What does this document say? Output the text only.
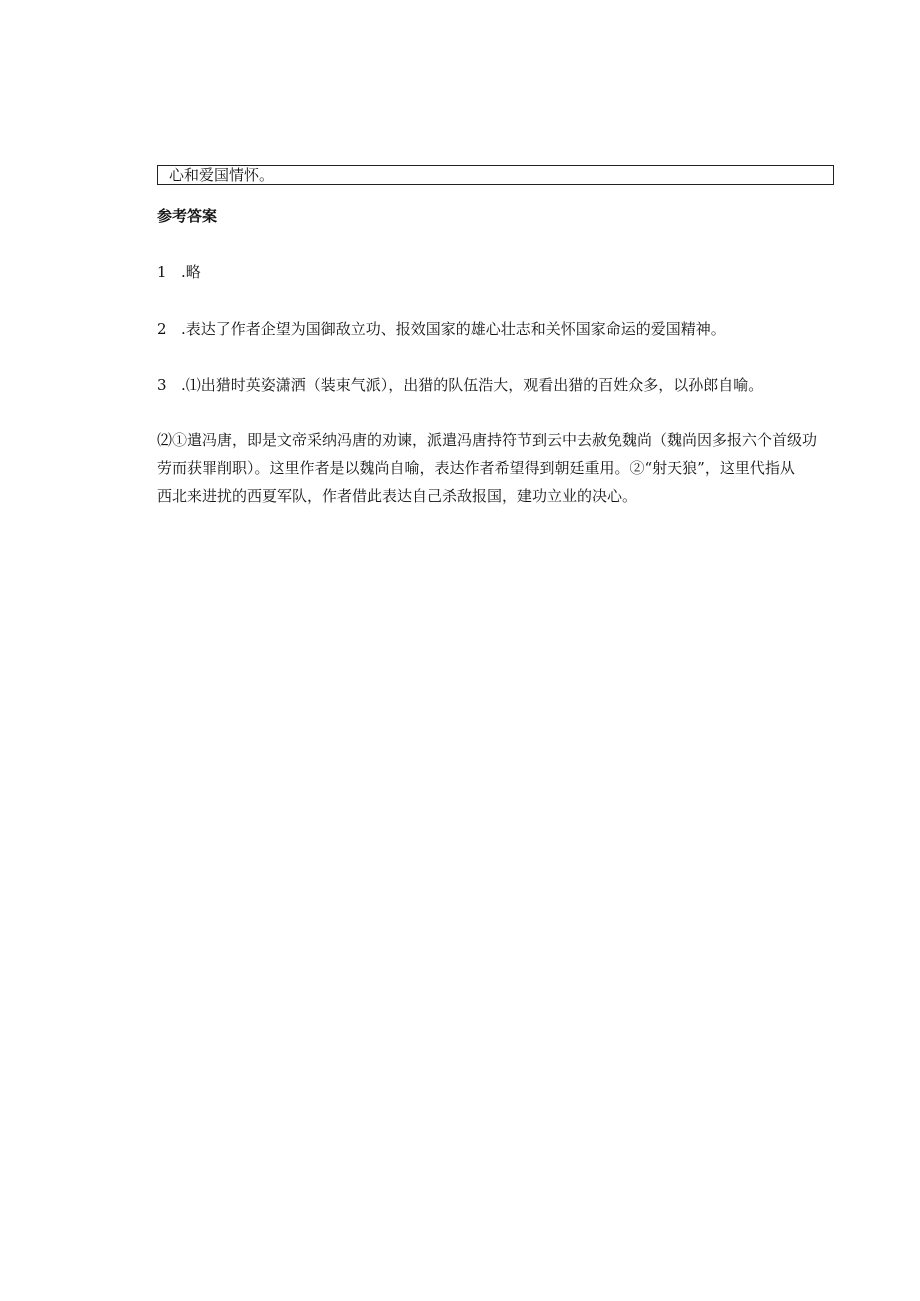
心和爱国情怀。
参考答案
1 .略
2 .表达了作者企望为国御敌立功、报效国家的雄心壮志和关怀国家命运的爱国精神。
3 .⑴出猎时英姿潇洒（装束气派），出猎的队伍浩大，观看出猎的百姓众多，以孙郎自喻。
⑵①遣冯唐，即是文帝采纳冯唐的劝谏，派遣冯唐持符节到云中去赦免魏尚（魏尚因多报六个首级功
劳而获罪削职）。这里作者是以魏尚自喻，表达作者希望得到朝廷重用。②“射天狼”，这里代指从
西北来进扰的西夏军队，作者借此表达自己杀敌报国，建功立业的决心。
